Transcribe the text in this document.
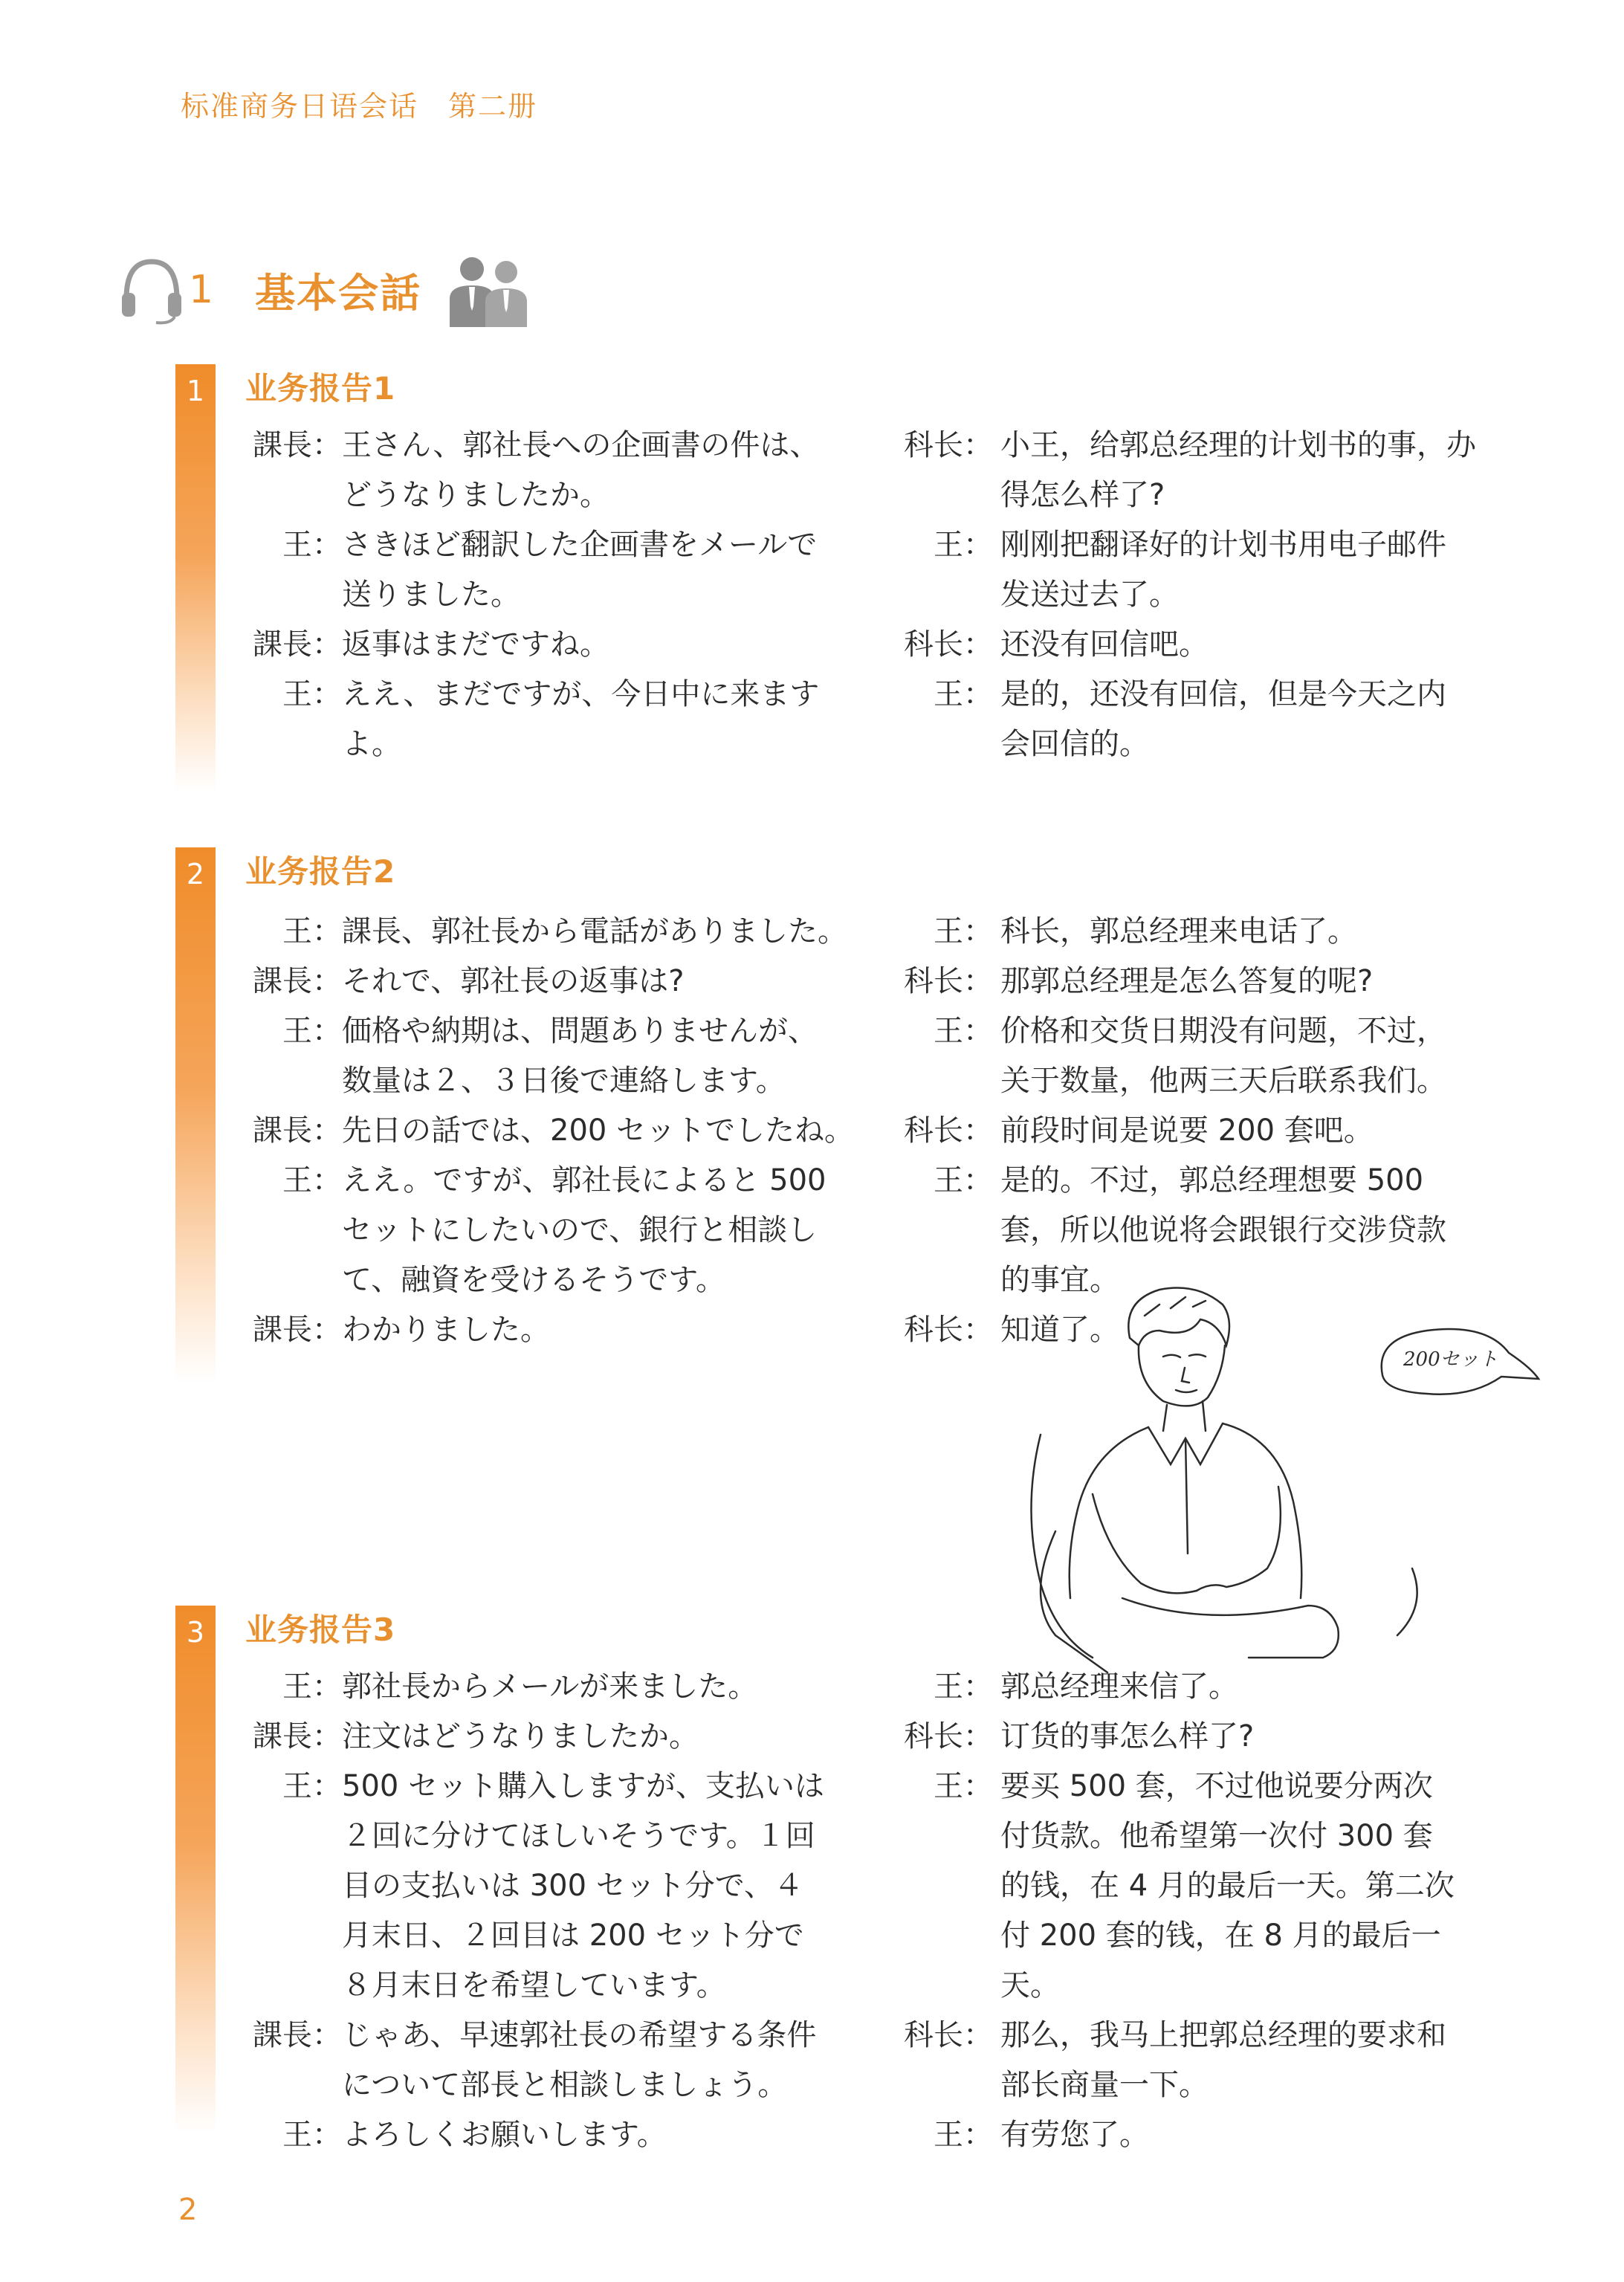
标准商务日语会话　第二册
1 基本会話
1	业务报告1
課長： 王さん、郭社長への企画書の件は、
どうなりましたか。
王： さきほど翻訳した企画書をメールで
送りました。
課長： 返事はまだですね。
王： ええ、まだですが、今日中に来ます
よ。
科长： 小王，给郭总经理的计划书的事，办
得怎么样了?
王： 刚刚把翻译好的计划书用电子邮件
发送过去了。
科长： 还没有回信吧。
王： 是的，还没有回信，但是今天之内
会回信的。
2	业务报告2
王： 課長、郭社長から電話がありました。
課長： それで、郭社長の返事は?
王： 価格や納期は、問題ありませんが、
数量は２、３日後で連絡します。
課長： 先日の話では、200 セットでしたね。
王： ええ。ですが、郭社長によると 500
セットにしたいので、銀行と相談し
て、融資を受けるそうです。
課長： わかりました。
王： 科长，郭总经理来电话了。
科长： 那郭总经理是怎么答复的呢?
王： 价格和交货日期没有问题，不过，
关于数量，他两三天后联系我们。
科长： 前段时间是说要 200 套吧。
王： 是的。不过，郭总经理想要 500
套，所以他说将会跟银行交涉贷款
的事宜。
科长： 知道了。
200セット
3	业务报告3
王： 郭社長からメールが来ました。
課長： 注文はどうなりましたか。
王： 500 セット購入しますが、支払いは
２回に分けてほしいそうです。１回
目の支払いは 300 セット分で、４
月末日、２回目は 200 セット分で
８月末日を希望しています。
課長： じゃあ、早速郭社長の希望する条件
について部長と相談しましょう。
王： よろしくお願いします。
王： 郭总经理来信了。
科长： 订货的事怎么样了?
王： 要买 500 套，不过他说要分两次
付货款。他希望第一次付 300 套
的钱，在 4 月的最后一天。第二次
付 200 套的钱，在 8 月的最后一
天。
科长： 那么，我马上把郭总经理的要求和
部长商量一下。
王： 有劳您了。
2
